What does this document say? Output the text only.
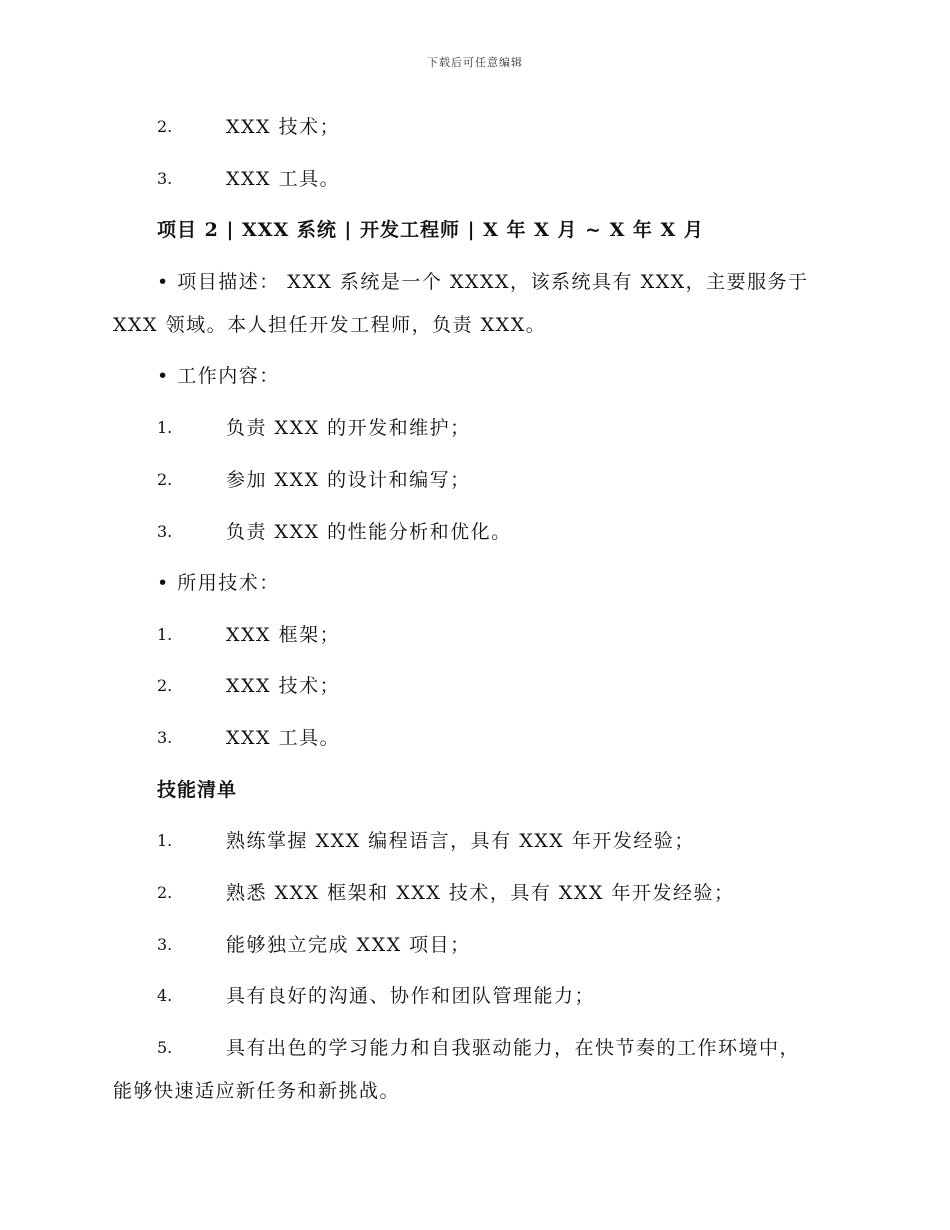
下载后可任意编辑
2.	XXX 技术；
3.	XXX 工具。
项目 2 | XXX 系统 | 开发工程师 | X 年 X 月 ~ X 年 X 月
• 项目描述： XXX 系统是一个 XXXX，该系统具有 XXX，主要服务于
XXX 领域。本人担任开发工程师，负责 XXX。
• 工作内容：
1.	负责 XXX 的开发和维护；
2.	参加 XXX 的设计和编写；
3.	负责 XXX 的性能分析和优化。
• 所用技术：
1.	XXX 框架；
2.	XXX 技术；
3.	XXX 工具。
技能清单
1.	熟练掌握 XXX 编程语言，具有 XXX 年开发经验；
2.	熟悉 XXX 框架和 XXX 技术，具有 XXX 年开发经验；
3.	能够独立完成 XXX 项目；
4.	具有良好的沟通、协作和团队管理能力；
5.	具有出色的学习能力和自我驱动能力，在快节奏的工作环境中，
能够快速适应新任务和新挑战。
